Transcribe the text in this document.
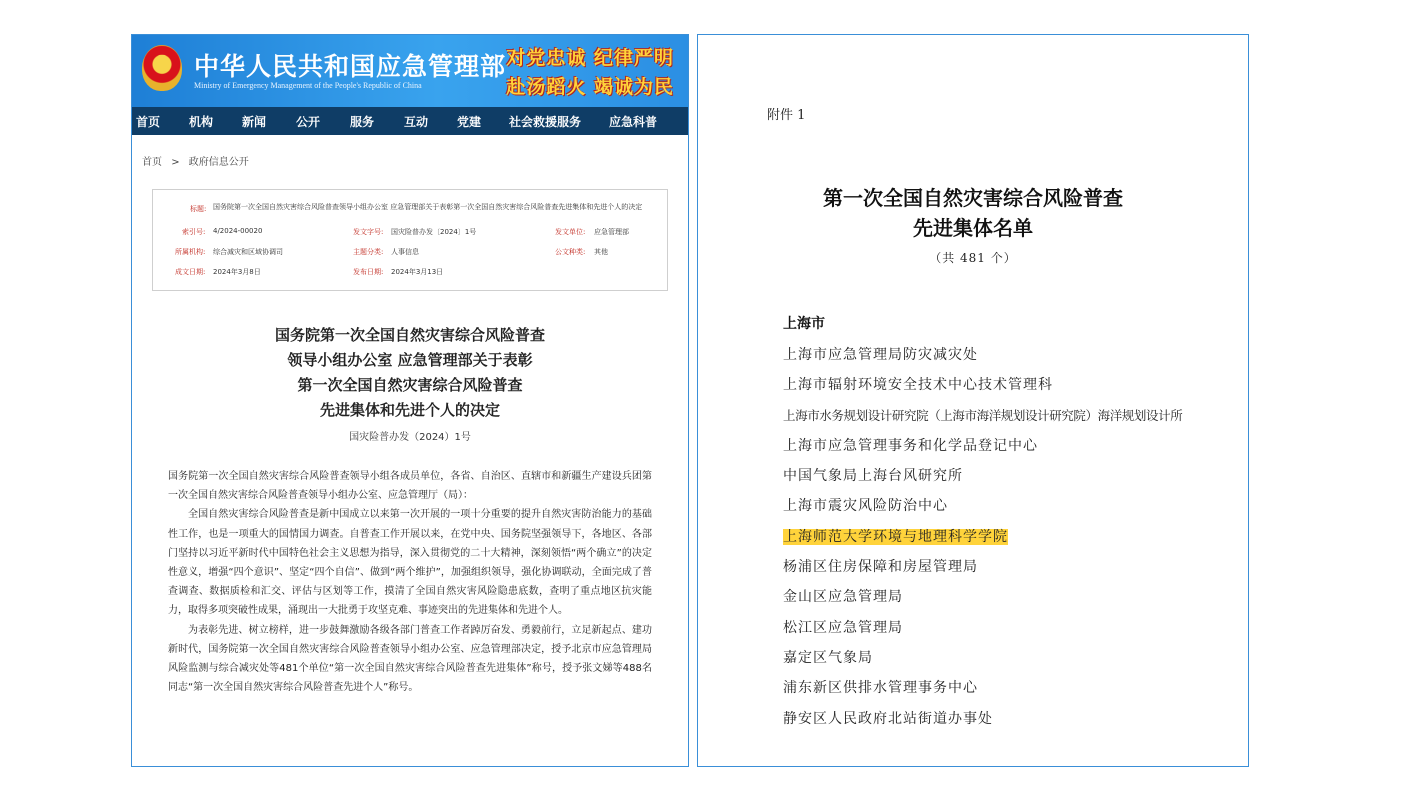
中华人民共和国应急管理部
Ministry of Emergency Management of the People's Republic of China
对党忠诚 纪律严明
赴汤蹈火 竭诚为民
首页 机构 新闻 公开 服务 互动 党建 社会救援服务 应急科普
首页 > 政府信息公开
标题: 国务院第一次全国自然灾害综合风险普查领导小组办公室 应急管理部关于表彰第一次全国自然灾害综合风险普查先进集体和先进个人的决定
索引号: 4/2024-00020	发文字号: 国灾险普办发〔2024〕1号	发文单位: 应急管理部
所属机构: 综合减灾和区域协调司	主题分类: 人事信息	公文种类: 其他
成文日期: 2024年3月8日	发布日期: 2024年3月13日
国务院第一次全国自然灾害综合风险普查
领导小组办公室 应急管理部关于表彰
第一次全国自然灾害综合风险普查
先进集体和先进个人的决定
国灾险普办发（2024）1号

国务院第一次全国自然灾害综合风险普查领导小组各成员单位，各省、自治区、直辖市和新疆生产建设兵团第一次全国自然灾害综合风险普查领导小组办公室、应急管理厅（局）：

全国自然灾害综合风险普查是新中国成立以来第一次开展的一项十分重要的提升自然灾害防治能力的基础性工作，也是一项重大的国情国力调查。自普查工作开展以来，在党中央、国务院坚强领导下，各地区、各部门坚持以习近平新时代中国特色社会主义思想为指导，深入贯彻党的二十大精神，深刻领悟“两个确立”的决定性意义，增强“四个意识”、坚定“四个自信”、做到“两个维护”，加强组织领导，强化协调联动，全面完成了普查调查、数据质检和汇交、评估与区划等工作，摸清了全国自然灾害风险隐患底数，查明了重点地区抗灾能力，取得多项突破性成果，涌现出一大批勇于攻坚克难、事迹突出的先进集体和先进个人。

为表彰先进、树立榜样，进一步鼓舞激励各级各部门普查工作者踔厉奋发、勇毅前行，立足新起点、建功新时代，国务院第一次全国自然灾害综合风险普查领导小组办公室、应急管理部决定，授予北京市应急管理局风险监测与综合减灾处等481个单位“第一次全国自然灾害综合风险普查先进集体”称号，授予张文娣等488名同志“第一次全国自然灾害综合风险普查先进个人”称号。

附件 1
第一次全国自然灾害综合风险普查
先进集体名单
（共 481 个）
上海市
上海市应急管理局防灾减灾处
上海市辐射环境安全技术中心技术管理科
上海市水务规划设计研究院（上海市海洋规划设计研究院）海洋规划设计所
上海市应急管理事务和化学品登记中心
中国气象局上海台风研究所
上海市震灾风险防治中心
上海师范大学环境与地理科学学院
杨浦区住房保障和房屋管理局
金山区应急管理局
松江区应急管理局
嘉定区气象局
浦东新区供排水管理事务中心
静安区人民政府北站街道办事处
